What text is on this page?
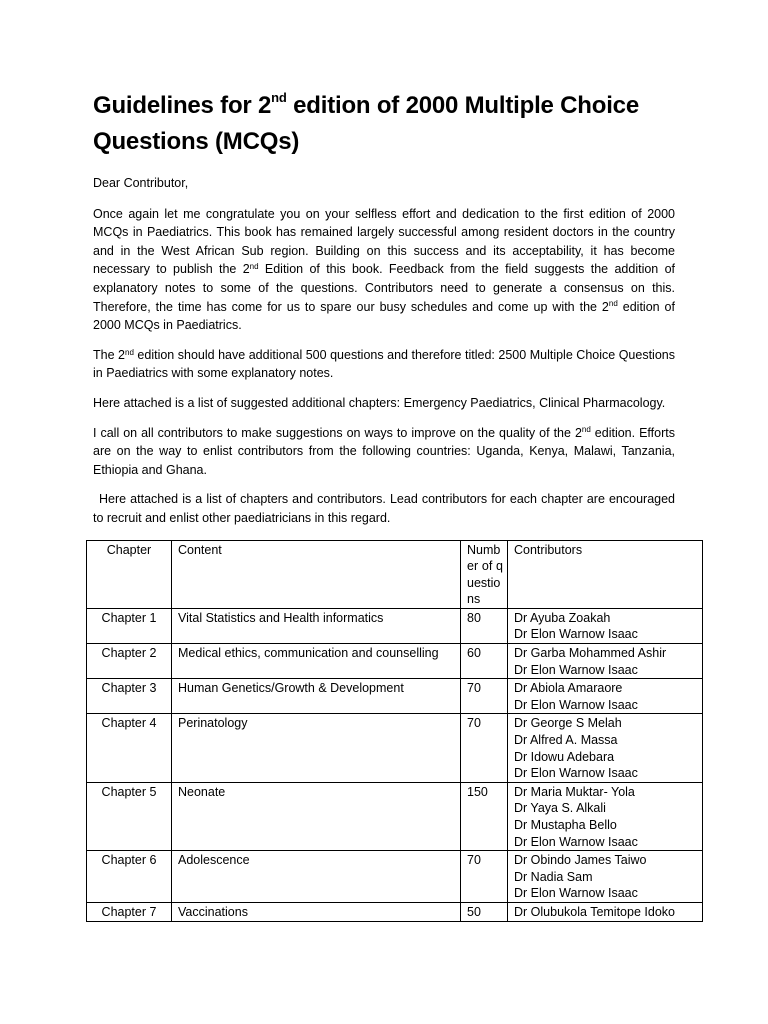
Guidelines for 2nd edition of 2000 Multiple Choice Questions (MCQs)

Dear Contributor,

Once again let me congratulate you on your selfless effort and dedication to the first edition of 2000 MCQs in Paediatrics. This book has remained largely successful among resident doctors in the country and in the West African Sub region. Building on this success and its acceptability, it has become necessary to publish the 2nd Edition of this book. Feedback from the field suggests the addition of explanatory notes to some of the questions. Contributors need to generate a consensus on this. Therefore, the time has come for us to spare our busy schedules and come up with the 2nd edition of 2000 MCQs in Paediatrics.

The 2nd edition should have additional 500 questions and therefore titled: 2500 Multiple Choice Questions in Paediatrics with some explanatory notes.

Here attached is a list of suggested additional chapters: Emergency Paediatrics, Clinical Pharmacology.

I call on all contributors to make suggestions on ways to improve on the quality of the 2nd edition. Efforts are on the way to enlist contributors from the following countries: Uganda, Kenya, Malawi, Tanzania, Ethiopia and Ghana.

Here attached is a list of chapters and contributors. Lead contributors for each chapter are encouraged to recruit and enlist other paediatricians in this regard.

Chapter	Content	Number of questions	Contributors
Chapter 1	Vital Statistics and Health informatics	80	Dr Ayuba Zoakah
Dr Elon Warnow Isaac

Chapter 2	Medical ethics, communication and counselling	60	Dr Garba Mohammed Ashir
Dr Elon Warnow Isaac

Chapter 3	Human Genetics/Growth & Development	70	Dr Abiola Amaraore
Dr Elon Warnow Isaac

Chapter 4	Perinatology	70	Dr George S Melah
Dr Alfred A. Massa
Dr Idowu Adebara
Dr Elon Warnow Isaac

Chapter 5	Neonate	150	Dr Maria Muktar- Yola
Dr Yaya S. Alkali
Dr Mustapha Bello
Dr Elon Warnow Isaac

Chapter 6	Adolescence	70	Dr Obindo James Taiwo
Dr Nadia Sam
Dr Elon Warnow Isaac

Chapter 7	Vaccinations	50	Dr Olubukola Temitope Idoko
